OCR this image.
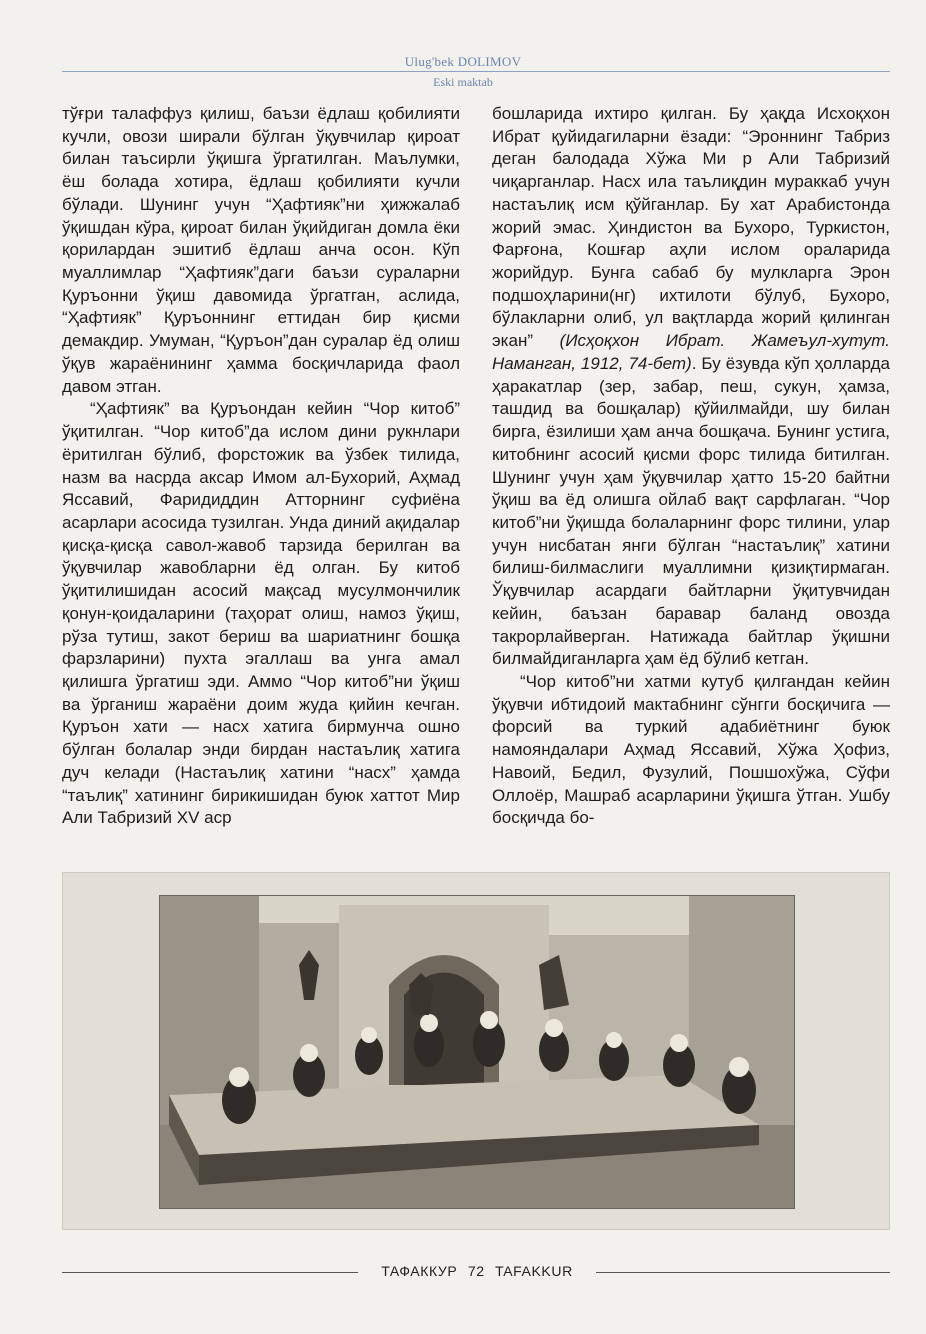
Ulug'bek DOLIMOV
Eski maktab

тўғри талаффуз қилиш, баъзи ёдлаш қобилияти кучли, овози ширали бўлган ўқувчилар қироат билан таъсирли ўқишга ўргатилган. Маълумки, ёш болада хотира, ёдлаш қобилияти кучли бўлади. Шунинг учун “Ҳафтияк”ни ҳижжалаб ўқишдан кўра, қироат билан ўқийдиган домла ёки қорилардан эшитиб ёдлаш анча осон. Кўп муаллимлар “Ҳафтияк”даги баъзи сураларни Қуръонни ўқиш давомида ўргатган, аслида, “Ҳафтияк” Қуръоннинг еттидан бир қисми демакдир. Умуман, “Қуръон”дан суралар ёд олиш ўқув жараёнининг ҳамма босқичларида фаол давом этган.

“Ҳафтияк” ва Қуръондан кейин “Чор китоб” ўқитилган. “Чор китоб”да ислом дини рукнлари ёритилган бўлиб, форстожик ва ўзбек тилида, назм ва насрда аксар Имом ал-Бухорий, Аҳмад Яссавий, Фаридиддин Атторнинг суфиёна асарлари асосида тузилган. Унда диний ақидалар қисқа-қисқа савол-жавоб тарзида берилган ва ўқувчилар жавобларни ёд олган. Бу китоб ўқитилишидан асосий мақсад мусулмончилик қонун-қоидаларини (таҳорат олиш, намоз ўқиш, рўза тутиш, закот бериш ва шариатнинг бошқа фарзларини) пухта эгаллаш ва унга амал қилишга ўргатиш эди. Аммо “Чор китоб”ни ўқиш ва ўрганиш жараёни доим жуда қийин кечган. Қуръон хати — насх хатига бирмунча ошно бўлган болалар энди бирдан настаълиқ хатига дуч келади (Настаълиқ хатини “насх” ҳамда “таълиқ” хатининг бирикишидан буюк хаттот Мир Али Табризий XV аср

бошларида ихтиро қилган. Бу ҳақда Исхоқхон Ибрат қуйидагиларни ёзади: “Эроннинг Табриз деган балодада Хўжа Ми р Али Табризий чиқарганлар. Насх ила таълиқдин мураккаб учун настаълиқ исм қўйганлар. Бу хат Арабистонда жорий эмас. Ҳиндистон ва Бухоро, Туркистон, Фарғона, Кошғар аҳли ислом ораларида жорийдур. Бунга сабаб бу мулкларга Эрон подшоҳларини(нг) ихтилоти бўлуб, Бухоро, бўлакларни олиб, ул вақтларда жорий қилинган экан” (Исҳоқхон Ибрат. Жамеъул-хутут. Наманган, 1912, 74-бет). Бу ёзувда кўп ҳолларда ҳаракатлар (зер, забар, пеш, сукун, ҳамза, ташдид ва бошқалар) қўйилмайди, шу билан бирга, ёзилиши ҳам анча бошқача. Бунинг устига, китобнинг асосий қисми форс тилида битилган. Шунинг учун ҳам ўқувчилар ҳатто 15-20 байтни ўқиш ва ёд олишга ойлаб вақт сарфлаган. “Чор китоб”ни ўқишда болаларнинг форс тилини, улар учун нисбатан янги бўлган “настаълиқ” хатини билиш-билмаслиги муаллимни қизиқтирмаган. Ўқувчилар асардаги байтларни ўқитувчидан кейин, баъзан баравар баланд овозда такрорлайверган. Натижада байтлар ўқишни билмайдиганларга ҳам ёд бўлиб кетган.

“Чор китоб”ни хатми кутуб қилгандан кейин ўқувчи ибтидоий мактабнинг сўнгги босқичига — форсий ва туркий адабиётнинг буюк намояндалари Аҳмад Яссавий, Хўжа Ҳофиз, Навоий, Бедил, Фузулий, Пошшохўжа, Сўфи Оллоёр, Машраб асарларини ўқишга ўтган. Ушбу босқичда бо-

ТАФАККУР 72 TAFAKKUR
